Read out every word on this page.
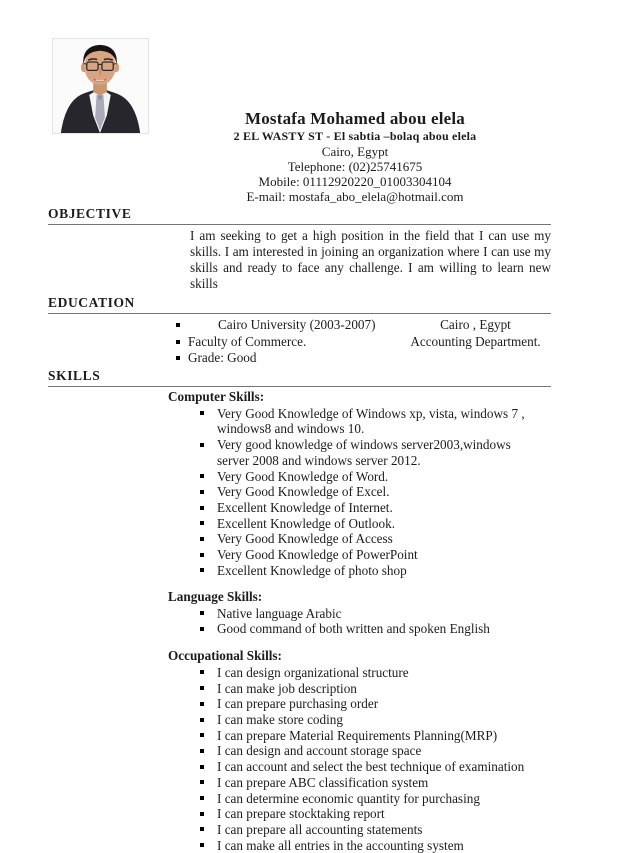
Mostafa Mohamed abou elela
2 EL WASTY ST - El sabtia –bolaq abou elela
Cairo, Egypt
Telephone: (02)25741675
Mobile: 01112920220_01003304104
E-mail: mostafa_abo_elela@hotmail.com
OBJECTIVE

I am seeking to get a high position in the field that I can use my skills. I am interested in joining an organization where I can use my skills and ready to face any challenge. I am willing to learn new skills

EDUCATION
Cairo University (2003-2007)	Cairo , Egypt
Faculty of Commerce.	Accounting Department.
Grade: Good
SKILLS
Computer Skills:
Very Good Knowledge of Windows xp, vista, windows 7 , windows8 and windows 10.
Very good knowledge of windows server2003,windows server 2008 and windows server 2012.
Very Good Knowledge of Word.
Very Good Knowledge of Excel.
Excellent Knowledge of Internet.
Excellent Knowledge of Outlook.
Very Good Knowledge of Access
Very Good Knowledge of PowerPoint
Excellent Knowledge of photo shop
Language Skills:
Native language Arabic
Good command of both written and spoken English
Occupational Skills:
I can design organizational structure
I can make job description
I can prepare purchasing order
I can make store coding
I can prepare Material Requirements Planning(MRP)
I can design and account storage space
I can account and select the best technique of examination
I can prepare ABC classification system
I can determine economic quantity for purchasing
I can prepare stocktaking report
I can prepare all accounting statements
I can make all entries in the accounting system
